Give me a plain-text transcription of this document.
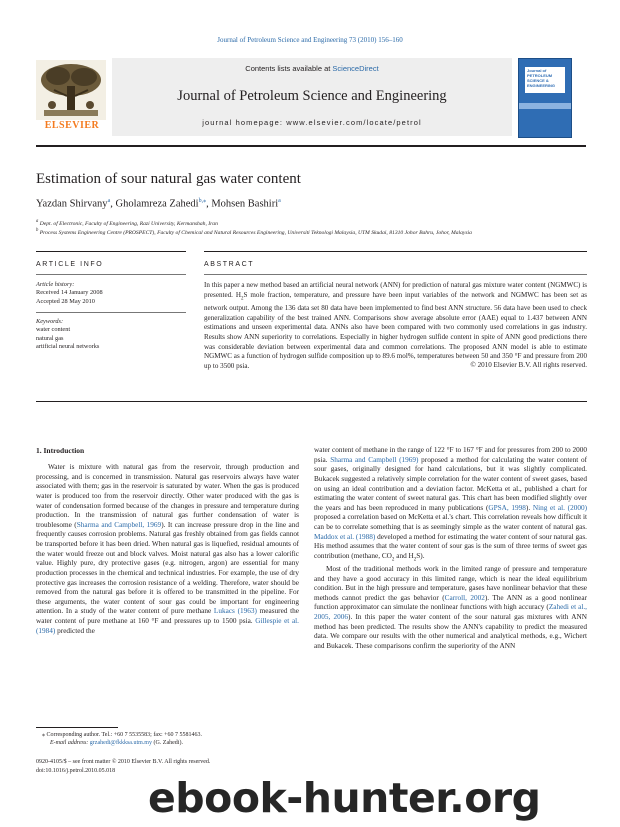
Journal of Petroleum Science and Engineering 73 (2010) 156–160
ELSEVIER
Contents lists available at ScienceDirect
Journal of Petroleum Science and Engineering
journal homepage: www.elsevier.com/locate/petrol
Journal of PETROLEUM SCIENCE & ENGINEERING
Estimation of sour natural gas water content
Yazdan Shirvany$^a$, Gholamreza Zahedi$^{b,⁎}$, Mohsen Bashiri$^a$
$^a$ Dept. of Electronic, Faculty of Engineering, Razi University, Kermanshah, Iran
$^b$ Process Systems Engineering Centre (PROSPECT), Faculty of Chemical and Natural Resources Engineering, Universiti Teknologi Malaysia, UTM Skudai, 81310 Johor Bahru, Johor, Malaysia
ARTICLE INFO	ABSTRACT
Article history:
Received 14 January 2008
Accepted 28 May 2010
Keywords:
water content
natural gas
artificial neural networks
In this paper a new method based an artificial neural network (ANN) for prediction of natural gas mixture water content (NGMWC) is presented. $H_2S$ mole fraction, temperature, and pressure have been input variables of the network and NGMWC has been set as network output. Among the 136 data set 80 data have been implemented to find best ANN structure. 56 data have been used to check generalization capability of the best trained ANN. Comparisons show average absolute error (AAE) equal to 1.437 between ANN estimations and unseen experimental data. ANNs also have been compared with two commonly used correlations in gas industry. Results show ANN superiority to correlations. Especially in higher hydrogen sulfide content in spite of ANN good predictions there was considerable deviation between experimental data and common correlations. The proposed ANN model is able to estimate NGMWC as a function of hydrogen sulfide composition up to 89.6 mol%, temperatures between 50 and 350 °F and pressure from 200 up to 3500 psia.	© 2010 Elsevier B.V. All rights reserved.
1. Introduction

Water is mixture with natural gas from the reservoir, through production and processing, and is concerned in transmission. Natural gas reservoirs always have water associated with them; gas in the reservoir is saturated by water. When the gas is produced water is produced too from the reservoir directly. Other water produced with the gas is water of condensation formed because of the changes in pressure and temperature during production. In the transmission of natural gas further condensation of water is troublesome (Sharma and Campbell, 1969). It can increase pressure drop in the line and frequently causes corrosion problems. Natural gas freshly obtained from gas fields cannot be transported before it has been dried. When natural gas is liquefied, residual amounts of the water would freeze out and block valves. Moist natural gas also has a lower calorific value. Highly pure, dry protective gases (e.g. nitrogen, argon) are essential for many production processes in the chemical and technical industries. For example, the use of dry protective gas increases the corrosion resistance of a welding. Therefore, water should be removed from the natural gas before it is offered to be transmitted in the pipeline. For these arguments, the water content of sour gas could be important for engineering attention. In a study of the water content of pure methane Lukacs (1963) measured the water content of pure methane at 160 °F and pressures up to 1500 psia. Gillespie et al. (1984) predicted the

water content of methane in the range of 122 °F to 167 °F and for pressures from 200 to 2000 psia. Sharma and Campbell (1969) proposed a method for calculating the water content of sour gases, originally designed for hand calculations, but it was slightly complicated. Bukacek suggested a relatively simple correlation for the water content of sweet gases, based on using an ideal contribution and a deviation factor. McKetta et al., published a chart for estimating the water content of sweet natural gas. This chart has been modified slightly over the years and has been reproduced in many publications (GPSA, 1998). Ning et al. (2000) proposed a correlation based on McKetta et al.'s chart. This correlation reveals how difficult it can be to correlate something that is as seemingly simple as the water content of natural gas. Maddox et al. (1988) developed a method for estimating the water content of sour natural gas. His method assumes that the water content of sour gas is the sum of three terms of sweet gas contribution (methane, $CO_2$ and $H_2S$).

Most of the traditional methods work in the limited range of pressure and temperature and they have a good accuracy in this limited range, which is near the ideal equilibrium condition. But in the high pressure and temperature, gases have nonlinear behavior that these methods cannot predict the gas behavior (Carroll, 2002). The ANN as a good nonlinear function approximator can simulate the nonlinear functions with high accuracy (Zahedi et al., 2005, 2006). In this paper the water content of the sour natural gas mixtures with ANN method has been predicted. The results show the ANN's capability to predict the measured data. We compare our results with the other numerical and analytical methods, e.g., Wichert and Bukacek. These comparisons confirm the superiority of the ANN

⁎ Corresponding author. Tel.: +60 7 5535583; fax: +60 7 5581463.
E-mail address: grzahedi@fkkksa.utm.my (G. Zahedi).
0920-4105/$ – see front matter © 2010 Elsevier B.V. All rights reserved.
doi:10.1016/j.petrol.2010.05.018
ebook-hunter.org
